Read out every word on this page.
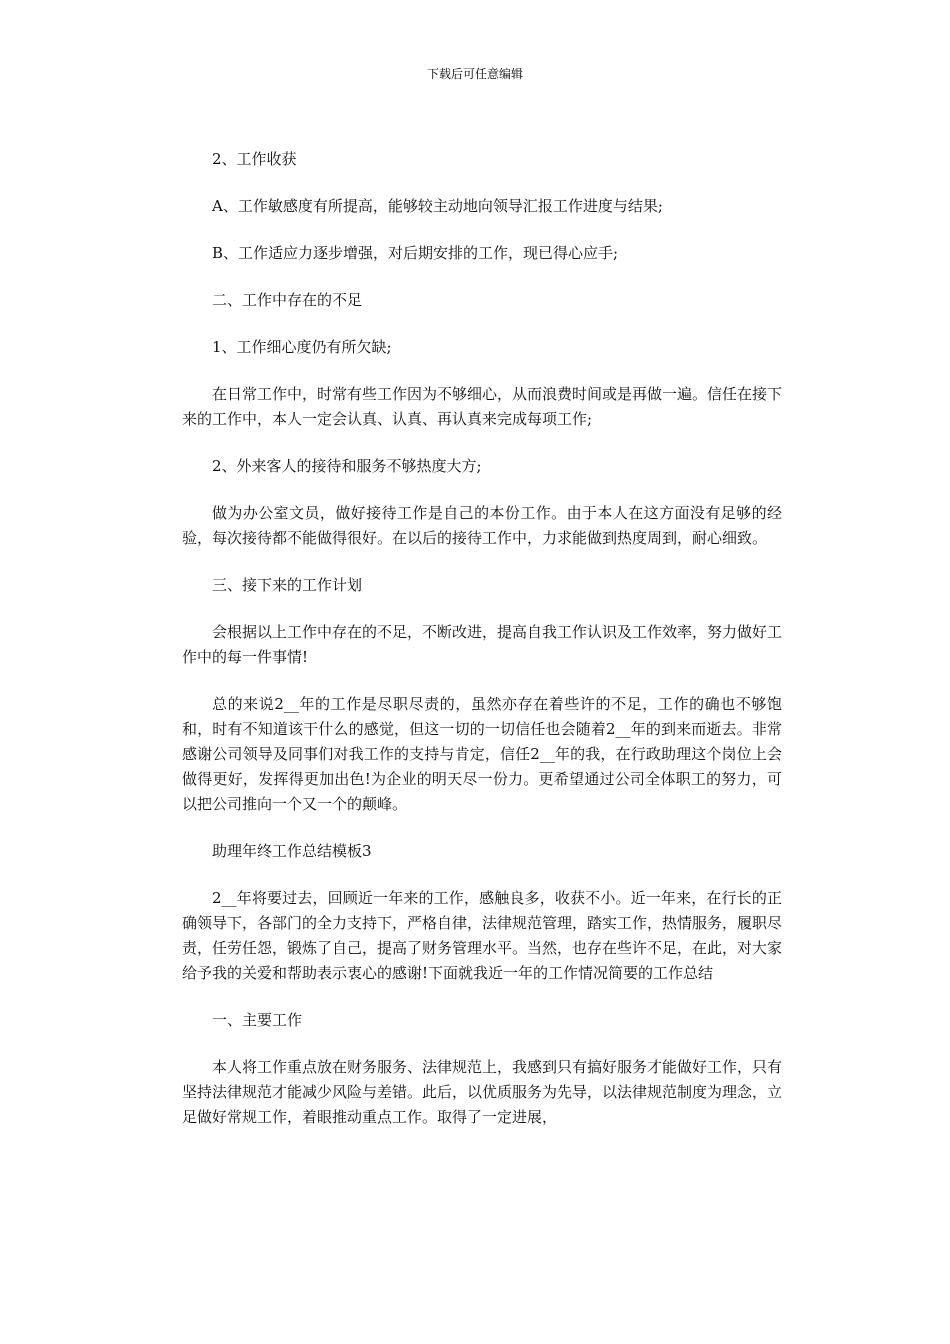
下载后可任意编辑

2、工作收获

A、工作敏感度有所提高，能够较主动地向领导汇报工作进度与结果;

B、工作适应力逐步增强，对后期安排的工作，现已得心应手;

二、工作中存在的不足

1、工作细心度仍有所欠缺;

在日常工作中，时常有些工作因为不够细心，从而浪费时间或是再做一遍。信任在接下来的工作中，本人一定会认真、认真、再认真来完成每项工作;

2、外来客人的接待和服务不够热度大方;

做为办公室文员，做好接待工作是自己的本份工作。由于本人在这方面没有足够的经验，每次接待都不能做得很好。在以后的接待工作中，力求能做到热度周到，耐心细致。

三、接下来的工作计划

会根据以上工作中存在的不足，不断改进，提高自我工作认识及工作效率，努力做好工作中的每一件事情!

总的来说2__年的工作是尽职尽责的，虽然亦存在着些许的不足，工作的确也不够饱和，时有不知道该干什么的感觉，但这一切的一切信任也会随着2__年的到来而逝去。非常感谢公司领导及同事们对我工作的支持与肯定，信任2__年的我，在行政助理这个岗位上会做得更好，发挥得更加出色!为企业的明天尽一份力。更希望通过公司全体职工的努力，可以把公司推向一个又一个的颠峰。

助理年终工作总结模板3

2__年将要过去，回顾近一年来的工作，感触良多，收获不小。近一年来，在行长的正确领导下，各部门的全力支持下，严格自律，法律规范管理，踏实工作，热情服务，履职尽责，任劳任怨，锻炼了自己，提高了财务管理水平。当然，也存在些许不足，在此，对大家给予我的关爱和帮助表示衷心的感谢!下面就我近一年的工作情况简要的工作总结

一、主要工作

本人将工作重点放在财务服务、法律规范上，我感到只有搞好服务才能做好工作，只有坚持法律规范才能减少风险与差错。此后，以优质服务为先导，以法律规范制度为理念，立足做好常规工作，着眼推动重点工作。取得了一定进展，
